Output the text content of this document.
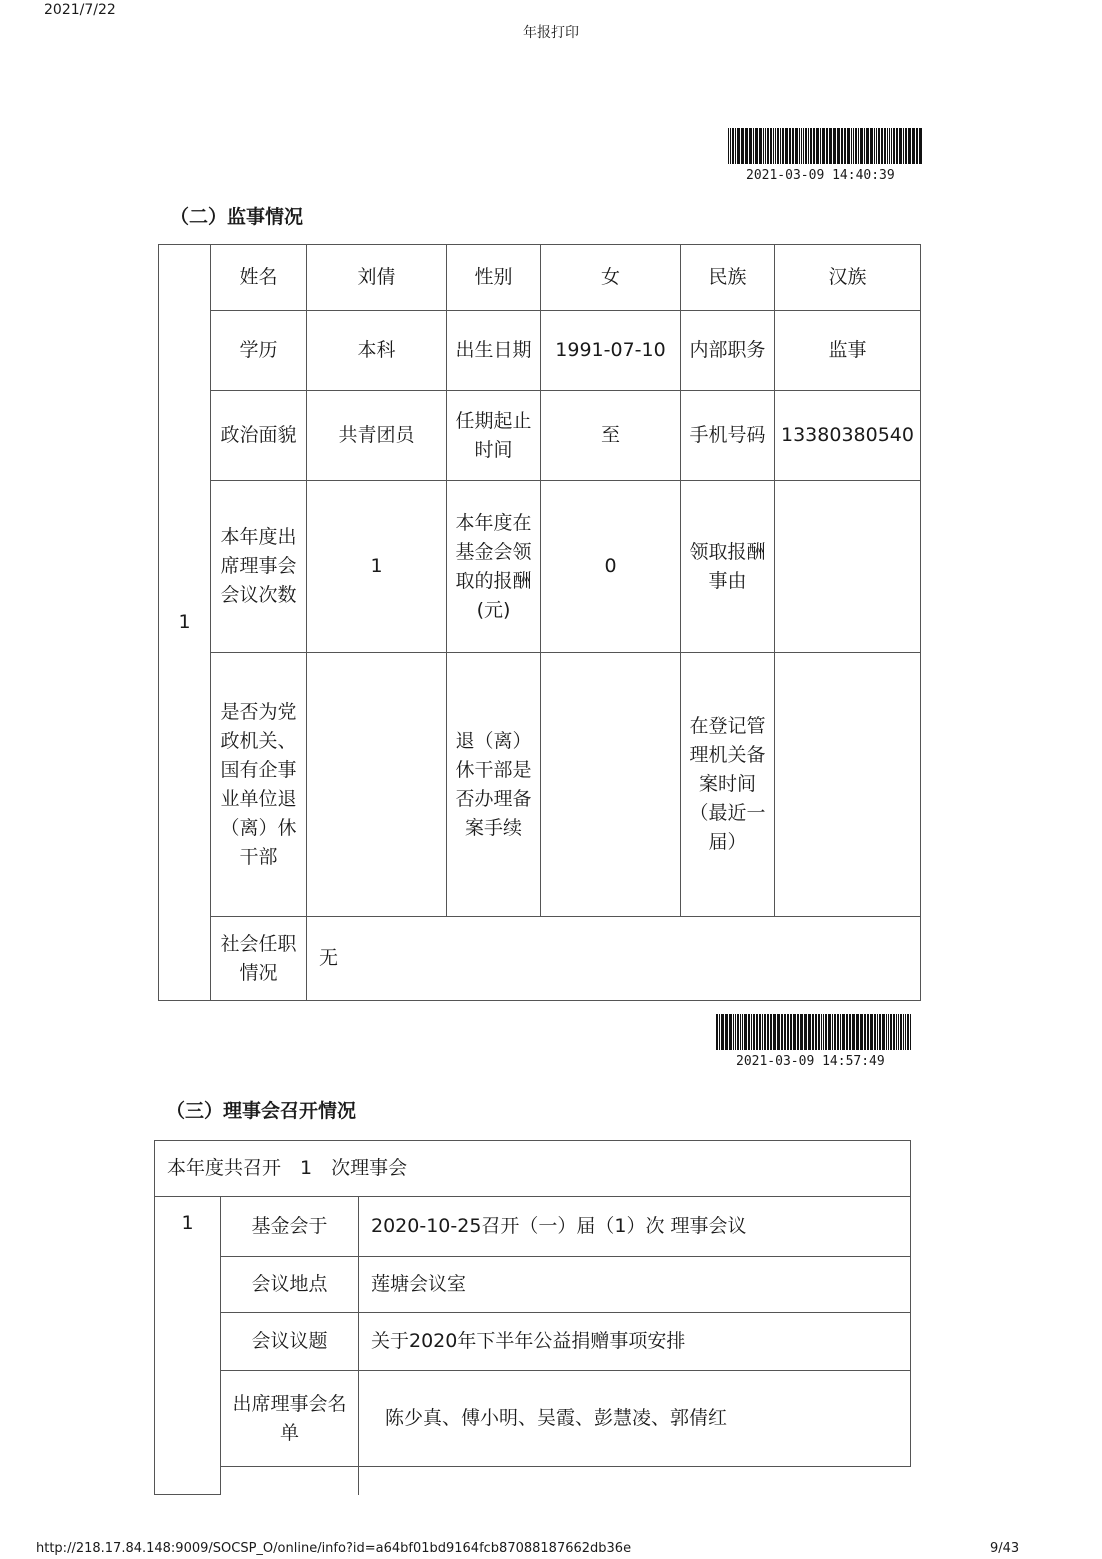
2021/7/22
年报打印
2021-03-09 14:40:39
（二）监事情况
1	姓名	刘倩	性别	女	民族	汉族
	学历	本科	出生日期	1991-07-10	内部职务	监事
	政治面貌	共青团员	任期起止时间	至	手机号码	13380380540
	本年度出席理事会会议次数	1	本年度在基金会领取的报酬(元)	0	领取报酬事由	
	是否为党政机关、国有企事业单位退（离）休干部		退（离）休干部是否办理备案手续		在登记管理机关备案时间（最近一届）	
	社会任职情况	无				
2021-03-09 14:57:49
（三）理事会召开情况
本年度共召开　1　次理事会		
1	基金会于	2020-10-25召开（一）届（1）次 理事会议
	会议地点	莲塘会议室
	会议议题	关于2020年下半年公益捐赠事项安排
	出席理事会名单	陈少真、傅小明、吴霞、彭慧凌、郭倩红

http://218.17.84.148:9009/SOCSP_O/online/info?id=a64bf01bd9164fcb87088187662db36e	9/43
